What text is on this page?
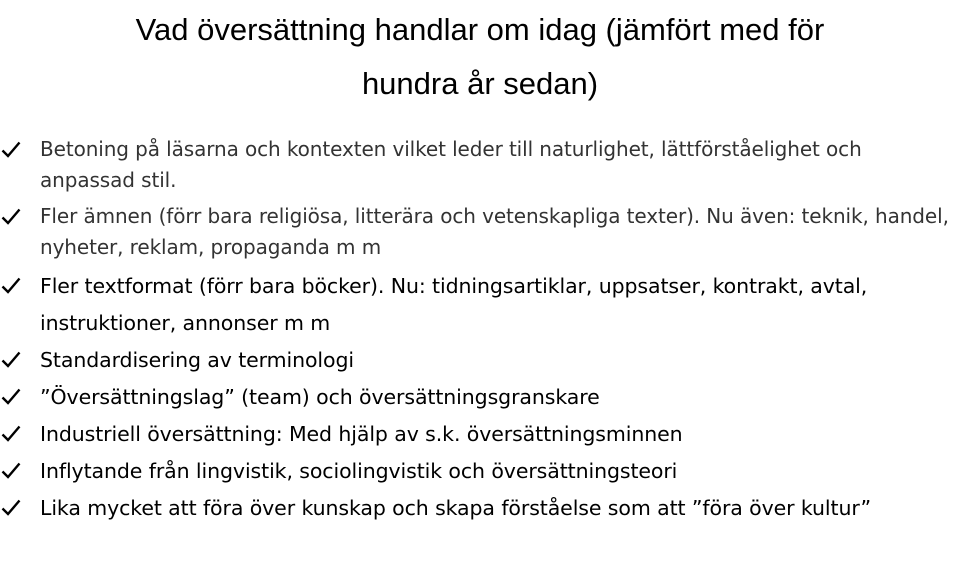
Vad översättning handlar om idag (jämfört med för
hundra år sedan)
Betoning på läsarna och kontexten vilket leder till naturlighet, lättförståelighet och anpassad stil.
Fler ämnen (förr bara religiösa, litterära och vetenskapliga texter). Nu även: teknik, handel, nyheter, reklam, propaganda m m
Fler textformat (förr bara böcker). Nu: tidningsartiklar, uppsatser, kontrakt, avtal, instruktioner, annonser m m
Standardisering av terminologi
”Översättningslag” (team) och översättningsgranskare
Industriell översättning: Med hjälp av s.k. översättningsminnen
Inflytande från lingvistik, sociolingvistik och översättningsteori
Lika mycket att föra över kunskap och skapa förståelse som att ”föra över kultur”
